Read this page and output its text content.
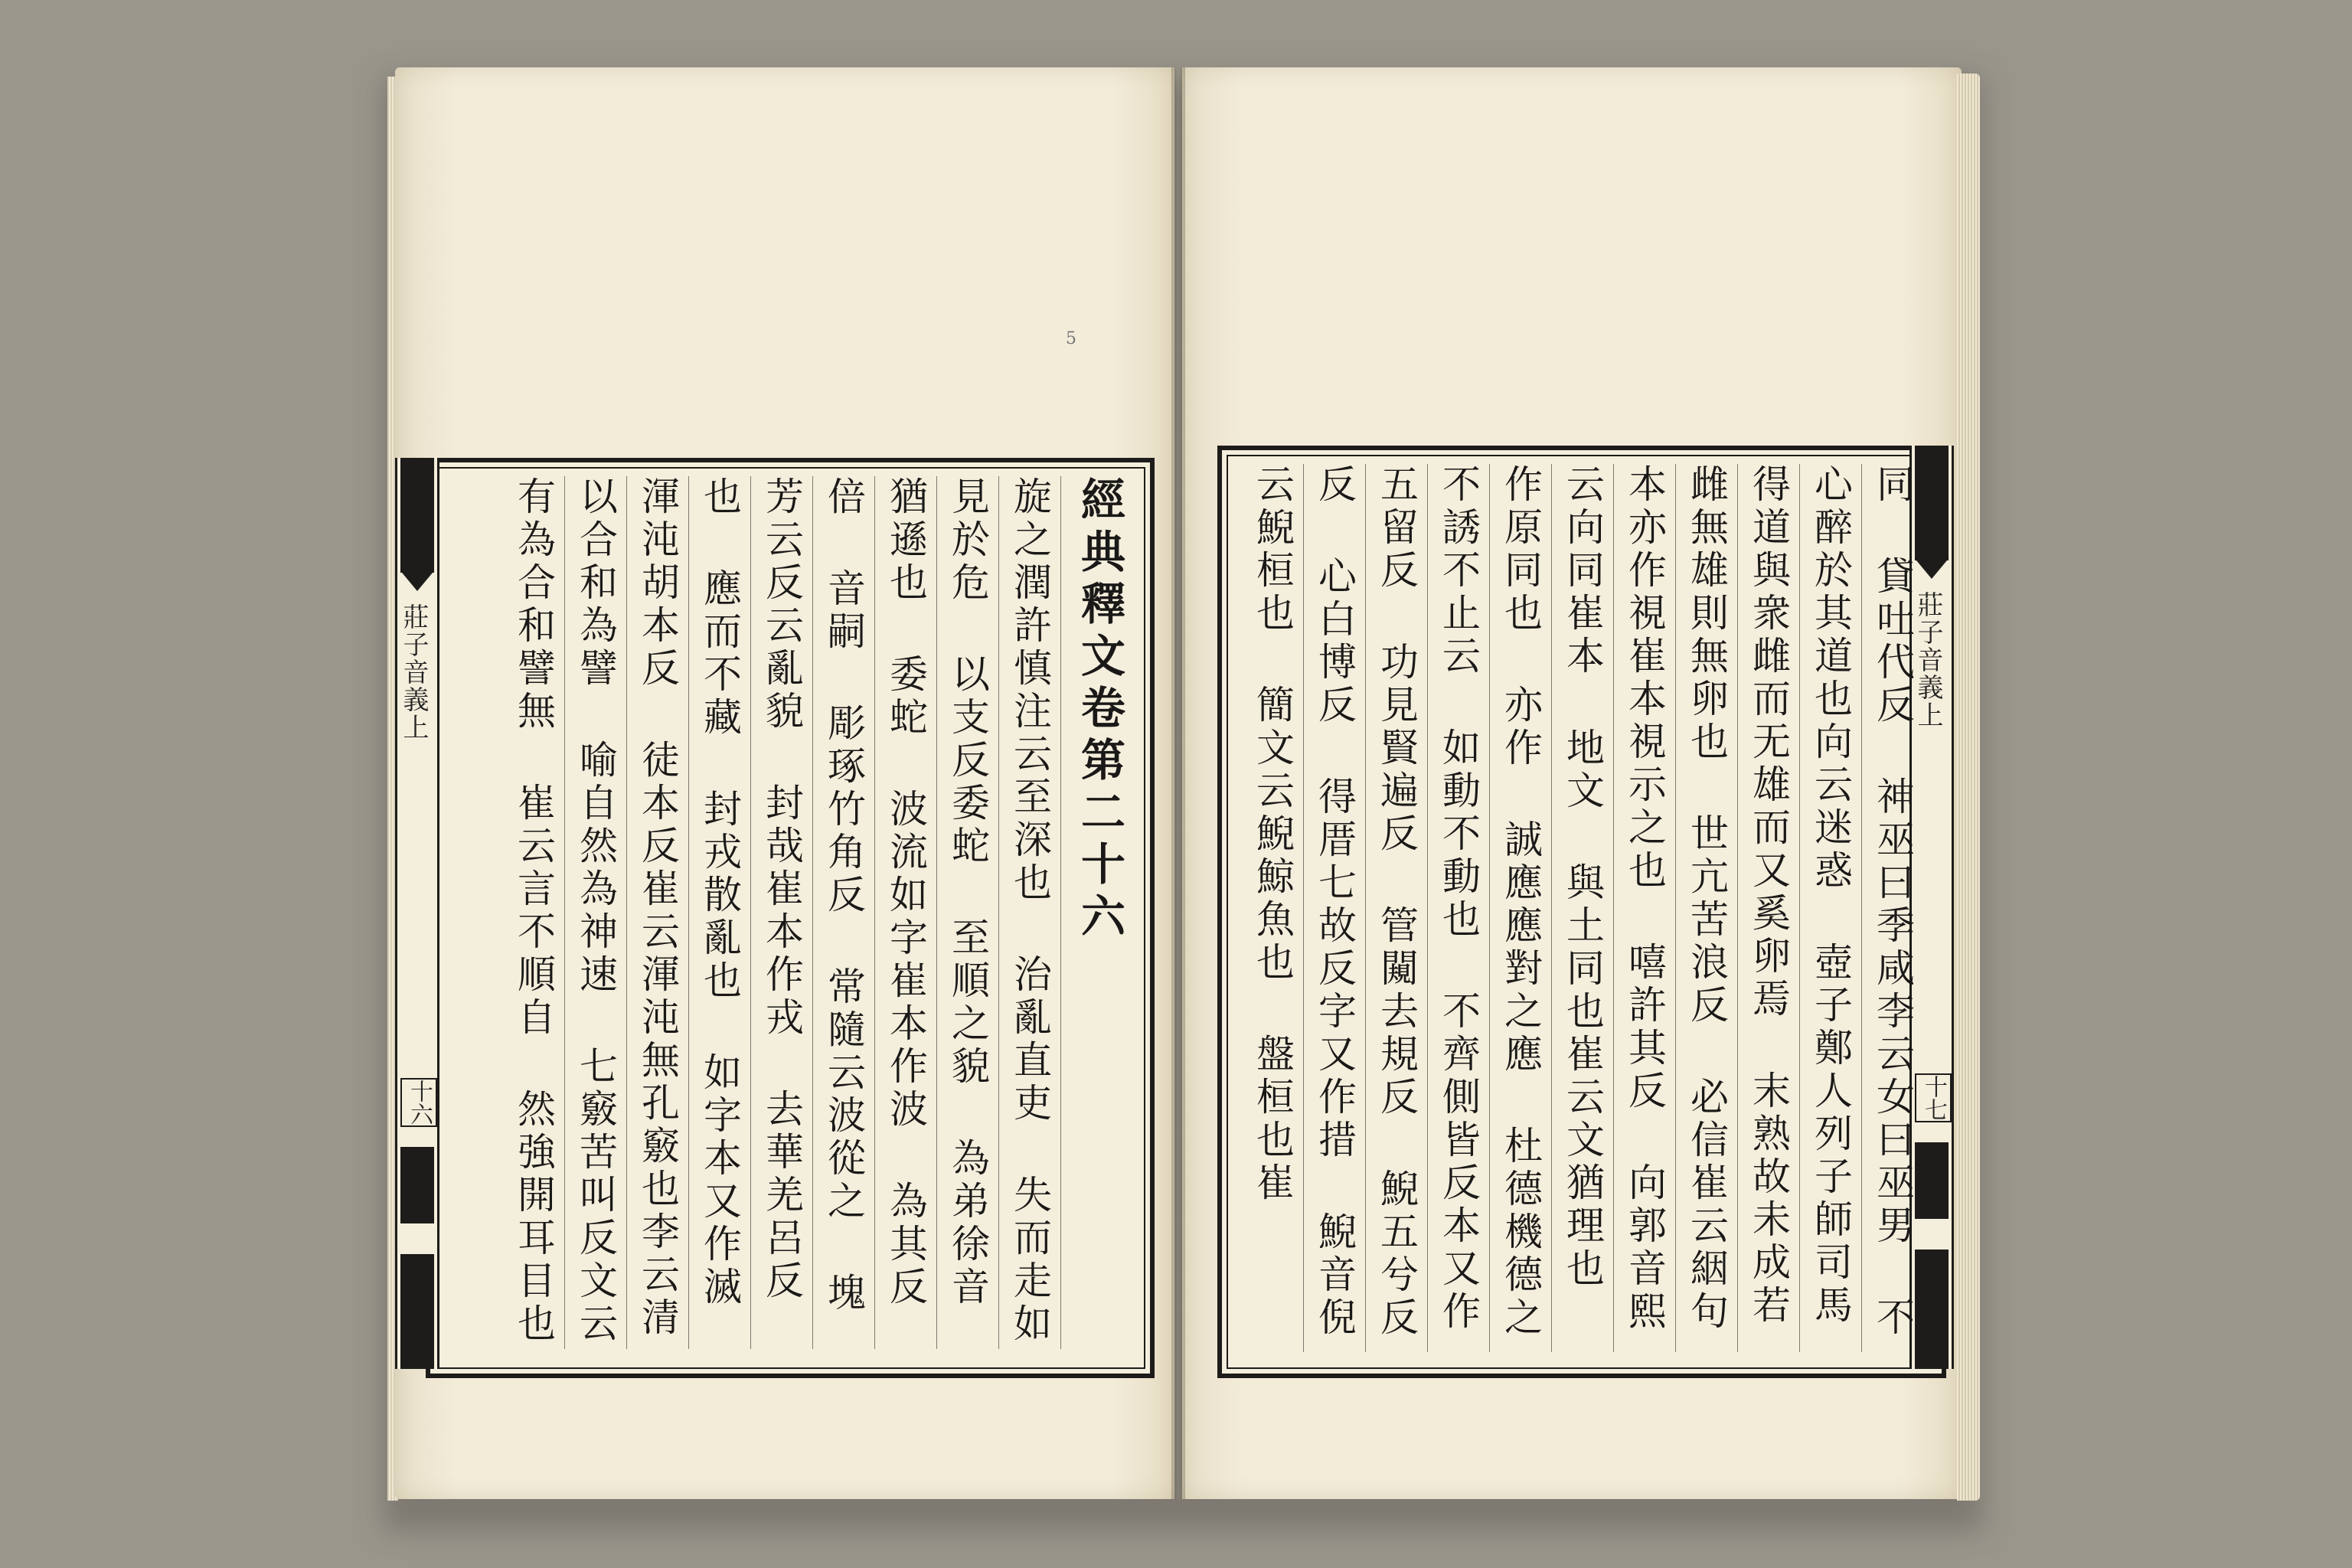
5
莊子音義上
十六
經典釋文卷第二十六
旋之潤許慎注云至深也 治亂直吏 失而走如
見於危 以支反委蛇 至順之貌 為弟徐音
猶遜也 委蛇 波流如字崔本作波 為其反
倍 音嗣 彫琢竹角反 常隨云波從之 塊
芳云反云亂貌 封哉崔本作戎 去華羌呂反
也 應而不藏 封戎散亂也 如字本又作滅
渾沌胡本反 徒本反崔云渾沌無孔竅也李云清
以合和為譬 喻自然為神速 七竅苦叫反文云
有為合和譬無 崔云言不順自 然強開耳目也	莊子音義上
十七
同 貸吐代反 神巫曰季咸李云女曰巫男 不
心醉於其道也向云迷惑 壺子鄭人列子師司馬
得道與衆雌而无雄而又奚卵焉 末熟故未成若
雌無雄則無卵也 世亢苦浪反 必信崔云絪句
本亦作視崔本視示之也 嘻許其反 向郭音熙
云向同崔本 地文 與土同也崔云文猶理也
作原同也 亦作 誠應應對之應 杜德機德之
不誘不止云 如動不動也 不齊側皆反本又作
五留反 功見賢遍反 管闚去規反 鯢五兮反
反 心白博反 得厝七故反字又作措 鯢音倪
云鯢桓也 簡文云鯢鯨魚也 盤桓也崔
